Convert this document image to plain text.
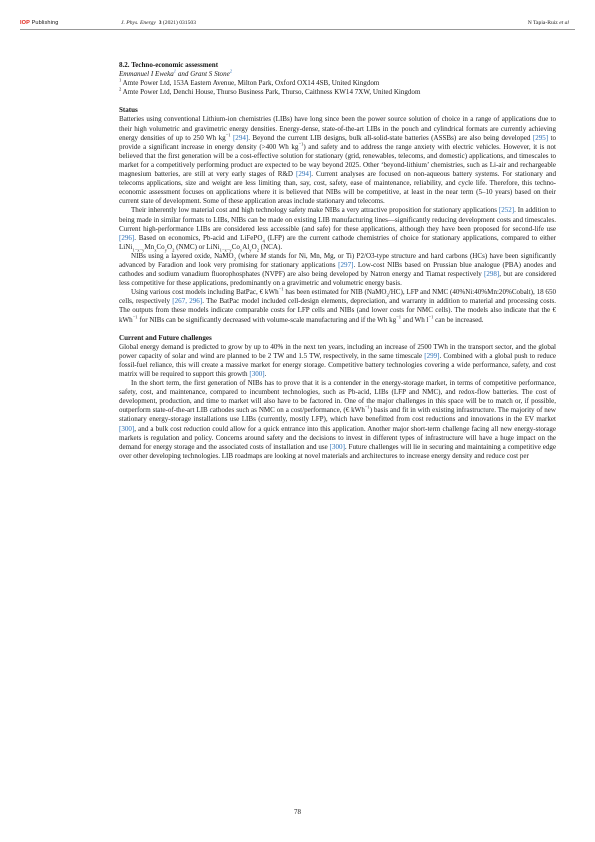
IOP Publishing	J. Phys. Energy 3 (2021) 031503	N Tapia-Ruiz et al

8.2. Techno-economic assessment

Emmanuel I Eweka$^1$ and Grant S Stone$^2$

$^1$ Amte Power Ltd, 153A Eastern Avenue, Milton Park, Oxford OX14 4SB, United Kingdom

$^2$ Amte Power Ltd, Denchi House, Thurso Business Park, Thurso, Caithness KW14 7XW, United Kingdom

Status

Batteries using conventional Lithium-ion chemistries (LIBs) have long since been the power source solution of choice in a range of applications due to their high volumetric and gravimetric energy densities. Energy-dense, state-of-the-art LIBs in the pouch and cylindrical formats are currently achieving energy densities of up to 250 Wh $kg^{-1}$ [294]. Beyond the current LIB designs, bulk all-solid-state batteries (ASSBs) are also being developed [295] to provide a significant increase in energy density (>400 Wh $kg^{-1}$) and safety and to address the range anxiety with electric vehicles. However, it is not believed that the first generation will be a cost-effective solution for stationary (grid, renewables, telecoms, and domestic) applications, and timescales to market for a competitively performing product are expected to be way beyond 2025. Other ‘beyond-lithium’ chemistries, such as Li-air and rechargeable magnesium batteries, are still at very early stages of R&D [294]. Current analyses are focused on non-aqueous battery systems. For stationary and telecoms applications, size and weight are less limiting than, say, cost, safety, ease of maintenance, reliability, and cycle life. Therefore, this techno-economic assessment focuses on applications where it is believed that NIBs will be competitive, at least in the near term (5–10 years) based on their current state of development. Some of these application areas include stationary and telecoms.

Their inherently low material cost and high technology safety make NIBs a very attractive proposition for stationary applications [252]. In addition to being made in similar formats to LIBs, NIBs can be made on existing LIB manufacturing lines—significantly reducing development costs and timescales. Current high-performance LIBs are considered less accessible (and safe) for these applications, although they have been proposed for second-life use [296]. Based on economics, Pb-acid and LiFePO$_4$ (LFP) are the current cathode chemistries of choice for stationary applications, compared to either $LiNi_{1-x-y}Mn_xCo_yO_2$ (NMC) or $LiNi_{1-x-y}Co_xAl_yO_2$ (NCA).

NIBs using a layered oxide, NaMO$_2$ (where M stands for Ni, Mn, Mg, or Ti) P2/O3-type structure and hard carbons (HCs) have been significantly advanced by Faradion and look very promising for stationary applications [297]. Low-cost NIBs based on Prussian blue analogue (PBA) anodes and cathodes and sodium vanadium fluorophosphates (NVPF) are also being developed by Natron energy and Tiamat respectively [298], but are considered less competitive for these applications, predominantly on a gravimetric and volumetric energy basis.

Using various cost models including BatPac, € kWh$^{-1}$ has been estimated for NIB (NaMO$_2$/HC), LFP and NMC (40%Ni:40%Mn:20%Cobalt), 18 650 cells, respectively [267, 296]. The BatPac model included cell-design elements, depreciation, and warranty in addition to material and processing costs. The outputs from these models indicate comparable costs for LFP cells and NIBs (and lower costs for NMC cells). The models also indicate that the € kWh$^{-1}$ for NIBs can be significantly decreased with volume-scale manufacturing and if the Wh $kg^{-1}$ and Wh $l^{-1}$ can be increased.

Current and Future challenges

Global energy demand is predicted to grow by up to 40% in the next ten years, including an increase of 2500 TWh in the transport sector, and the global power capacity of solar and wind are planned to be 2 TW and 1.5 TW, respectively, in the same timescale [299]. Combined with a global push to reduce fossil-fuel reliance, this will create a massive market for energy storage. Competitive battery technologies covering a wide performance, safety, and cost matrix will be required to support this growth [300].

In the short term, the first generation of NIBs has to prove that it is a contender in the energy-storage market, in terms of competitive performance, safety, cost, and maintenance, compared to incumbent technologies, such as Pb-acid, LIBs (LFP and NMC), and redox-flow batteries. The cost of development, production, and time to market will also have to be factored in. One of the major challenges in this space will be to match or, if possible, outperform state-of-the-art LIB cathodes such as NMC on a cost/performance, (€ kWh$^{-1}$) basis and fit in with existing infrastructure. The majority of new stationary energy-storage installations use LIBs (currently, mostly LFP), which have benefitted from cost reductions and innovations in the EV market [300], and a bulk cost reduction could allow for a quick entrance into this application. Another major short-term challenge facing all new energy-storage markets is regulation and policy. Concerns around safety and the decisions to invest in different types of infrastructure will have a huge impact on the demand for energy storage and the associated costs of installation and use [300]. Future challenges will lie in securing and maintaining a competitive edge over other developing technologies. LIB roadmaps are looking at novel materials and architectures to increase energy density and reduce cost per

78
